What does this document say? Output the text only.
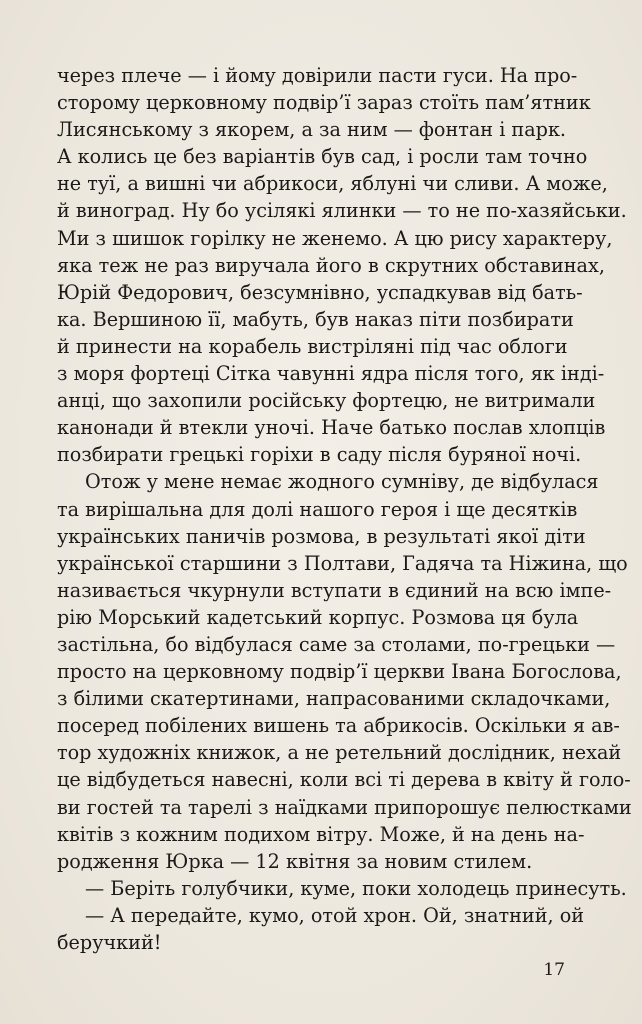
через плече — і йому довірили пасти гуси. На про-
сторому церковному подвір’ї зараз стоїть пам’ятник
Лисянському з якорем, а за ним — фонтан і парк.
А колись це без варіантів був сад, і росли там точно
не туї, а вишні чи абрикоси, яблуні чи сливи. А може,
й виноград. Ну бо усілякі ялинки — то не по-хазяйськи.
Ми з шишок горілку не женемо. А цю рису характеру,
яка теж не раз виручала його в скрутних обставинах,
Юрій Федорович, безсумнівно, успадкував від бать-
ка. Вершиною її, мабуть, був наказ піти позбирати
й принести на корабель вистріляні під час облоги
з моря фортеці Сітка чавунні ядра після того, як інді-
анці, що захопили російську фортецю, не витримали
канонади й втекли уночі. Наче батько послав хлопців
позбирати грецькі горіхи в саду після буряної ночі.
Отож у мене немає жодного сумніву, де відбулася
та вирішальна для долі нашого героя і ще десятків
українських паничів розмова, в результаті якої діти
української старшини з Полтави, Гадяча та Ніжина, що
називається чкурнули вступати в єдиний на всю імпе-
рію Морський кадетський корпус. Розмова ця була
застільна, бо відбулася саме за столами, по-грецьки —
просто на церковному подвір’ї церкви Івана Богослова,
з білими скатертинами, напрасованими складочками,
посеред побілених вишень та абрикосів. Оскільки я ав-
тор художніх книжок, а не ретельний дослідник, нехай
це відбудеться навесні, коли всі ті дерева в квіту й голо-
ви гостей та тарелі з наїдками припорошує пелюстками
квітів з кожним подихом вітру. Може, й на день на-
родження Юрка — 12 квітня за новим стилем.
— Беріть голубчики, куме, поки холодець принесуть.
— А передайте, кумо, отой хрон. Ой, знатний, ой
беручкий!
17
